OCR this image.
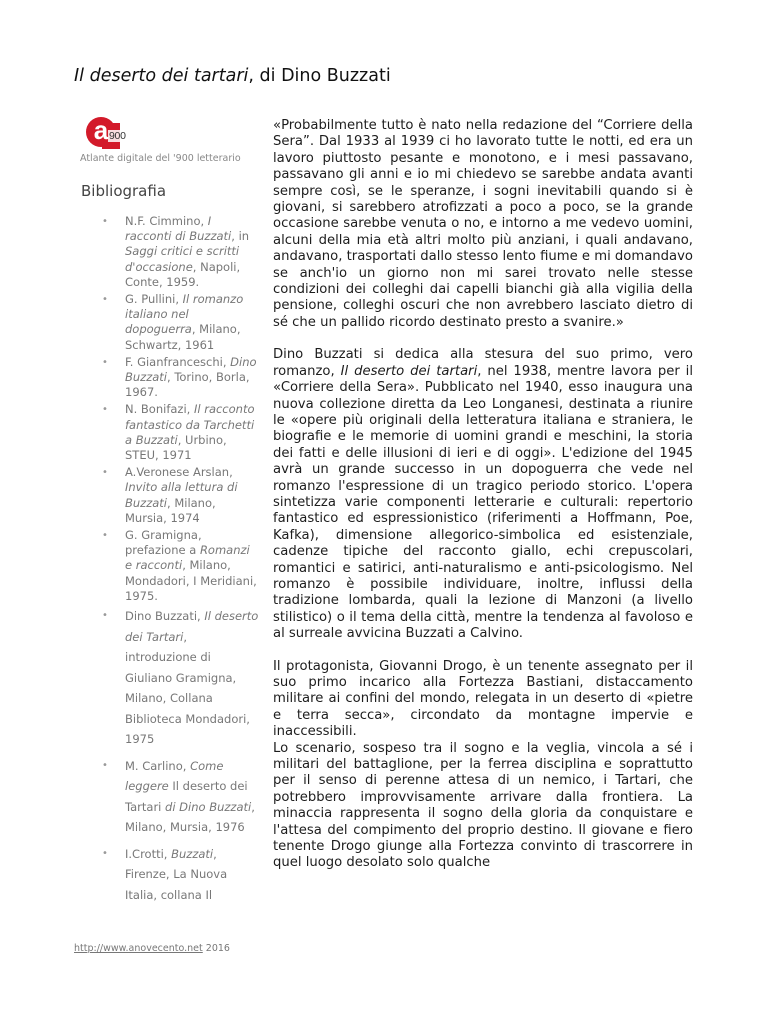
Il deserto dei tartari, di Dino Buzzati
a 900
Atlante digitale del '900 letterario
Bibliografia
• N.F. Cimmino, I racconti di Buzzati, in Saggi critici e scritti d'occasione, Napoli, Conte, 1959.
• G. Pullini, Il romanzo italiano nel dopoguerra, Milano, Schwartz, 1961
• F. Gianfranceschi, Dino Buzzati, Torino, Borla, 1967.
• N. Bonifazi, Il racconto fantastico da Tarchetti a Buzzati, Urbino, STEU, 1971
• A.Veronese Arslan, Invito alla lettura di Buzzati, Milano, Mursia, 1974
• G. Gramigna, prefazione a Romanzi e racconti, Milano, Mondadori, I Meridiani, 1975.
• Dino Buzzati, Il deserto dei Tartari, introduzione di Giuliano Gramigna, Milano, Collana Biblioteca Mondadori, 1975
• M. Carlino, Come leggere Il deserto dei Tartari di Dino Buzzati, Milano, Mursia, 1976
• I.Crotti, Buzzati, Firenze, La Nuova Italia, collana Il

«Probabilmente tutto è nato nella redazione del “Corriere della Sera”. Dal 1933 al 1939 ci ho lavorato tutte le notti, ed era un lavoro piuttosto pesante e monotono, e i mesi passavano, passavano gli anni e io mi chiedevo se sarebbe andata avanti sempre così, se le speranze, i sogni inevitabili quando si è giovani, si sarebbero atrofizzati a poco a poco, se la grande occasione sarebbe venuta o no, e intorno a me vedevo uomini, alcuni della mia età altri molto più anziani, i quali andavano, andavano, trasportati dallo stesso lento fiume e mi domandavo se anch'io un giorno non mi sarei trovato nelle stesse condizioni dei colleghi dai capelli bianchi già alla vigilia della pensione, colleghi oscuri che non avrebbero lasciato dietro di sé che un pallido ricordo destinato presto a svanire.»

Dino Buzzati si dedica alla stesura del suo primo, vero romanzo, Il deserto dei tartari, nel 1938, mentre lavora per il «Corriere della Sera». Pubblicato nel 1940, esso inaugura una nuova collezione diretta da Leo Longanesi, destinata a riunire le «opere più originali della letteratura italiana e straniera, le biografie e le memorie di uomini grandi e meschini, la storia dei fatti e delle illusioni di ieri e di oggi». L'edizione del 1945 avrà un grande successo in un dopoguerra che vede nel romanzo l'espressione di un tragico periodo storico. L'opera sintetizza varie componenti letterarie e culturali: repertorio fantastico ed espressionistico (riferimenti a Hoffmann, Poe, Kafka), dimensione allegorico-simbolica ed esistenziale, cadenze tipiche del racconto giallo, echi crepuscolari, romantici e satirici, anti-naturalismo e anti-psicologismo. Nel romanzo è possibile individuare, inoltre, influssi della tradizione lombarda, quali la lezione di Manzoni (a livello stilistico) o il tema della città, mentre la tendenza al favoloso e al surreale avvicina Buzzati a Calvino.

Il protagonista, Giovanni Drogo, è un tenente assegnato per il suo primo incarico alla Fortezza Bastiani, distaccamento militare ai confini del mondo, relegata in un deserto di «pietre e terra secca», circondato da montagne impervie e inaccessibili.

Lo scenario, sospeso tra il sogno e la veglia, vincola a sé i militari del battaglione, per la ferrea disciplina e soprattutto per il senso di perenne attesa di un nemico, i Tartari, che potrebbero improvvisamente arrivare dalla frontiera. La minaccia rappresenta il sogno della gloria da conquistare e l'attesa del compimento del proprio destino. Il giovane e fiero tenente Drogo giunge alla Fortezza convinto di trascorrere in quel luogo desolato solo qualche

http://www.anovecento.net 2016
